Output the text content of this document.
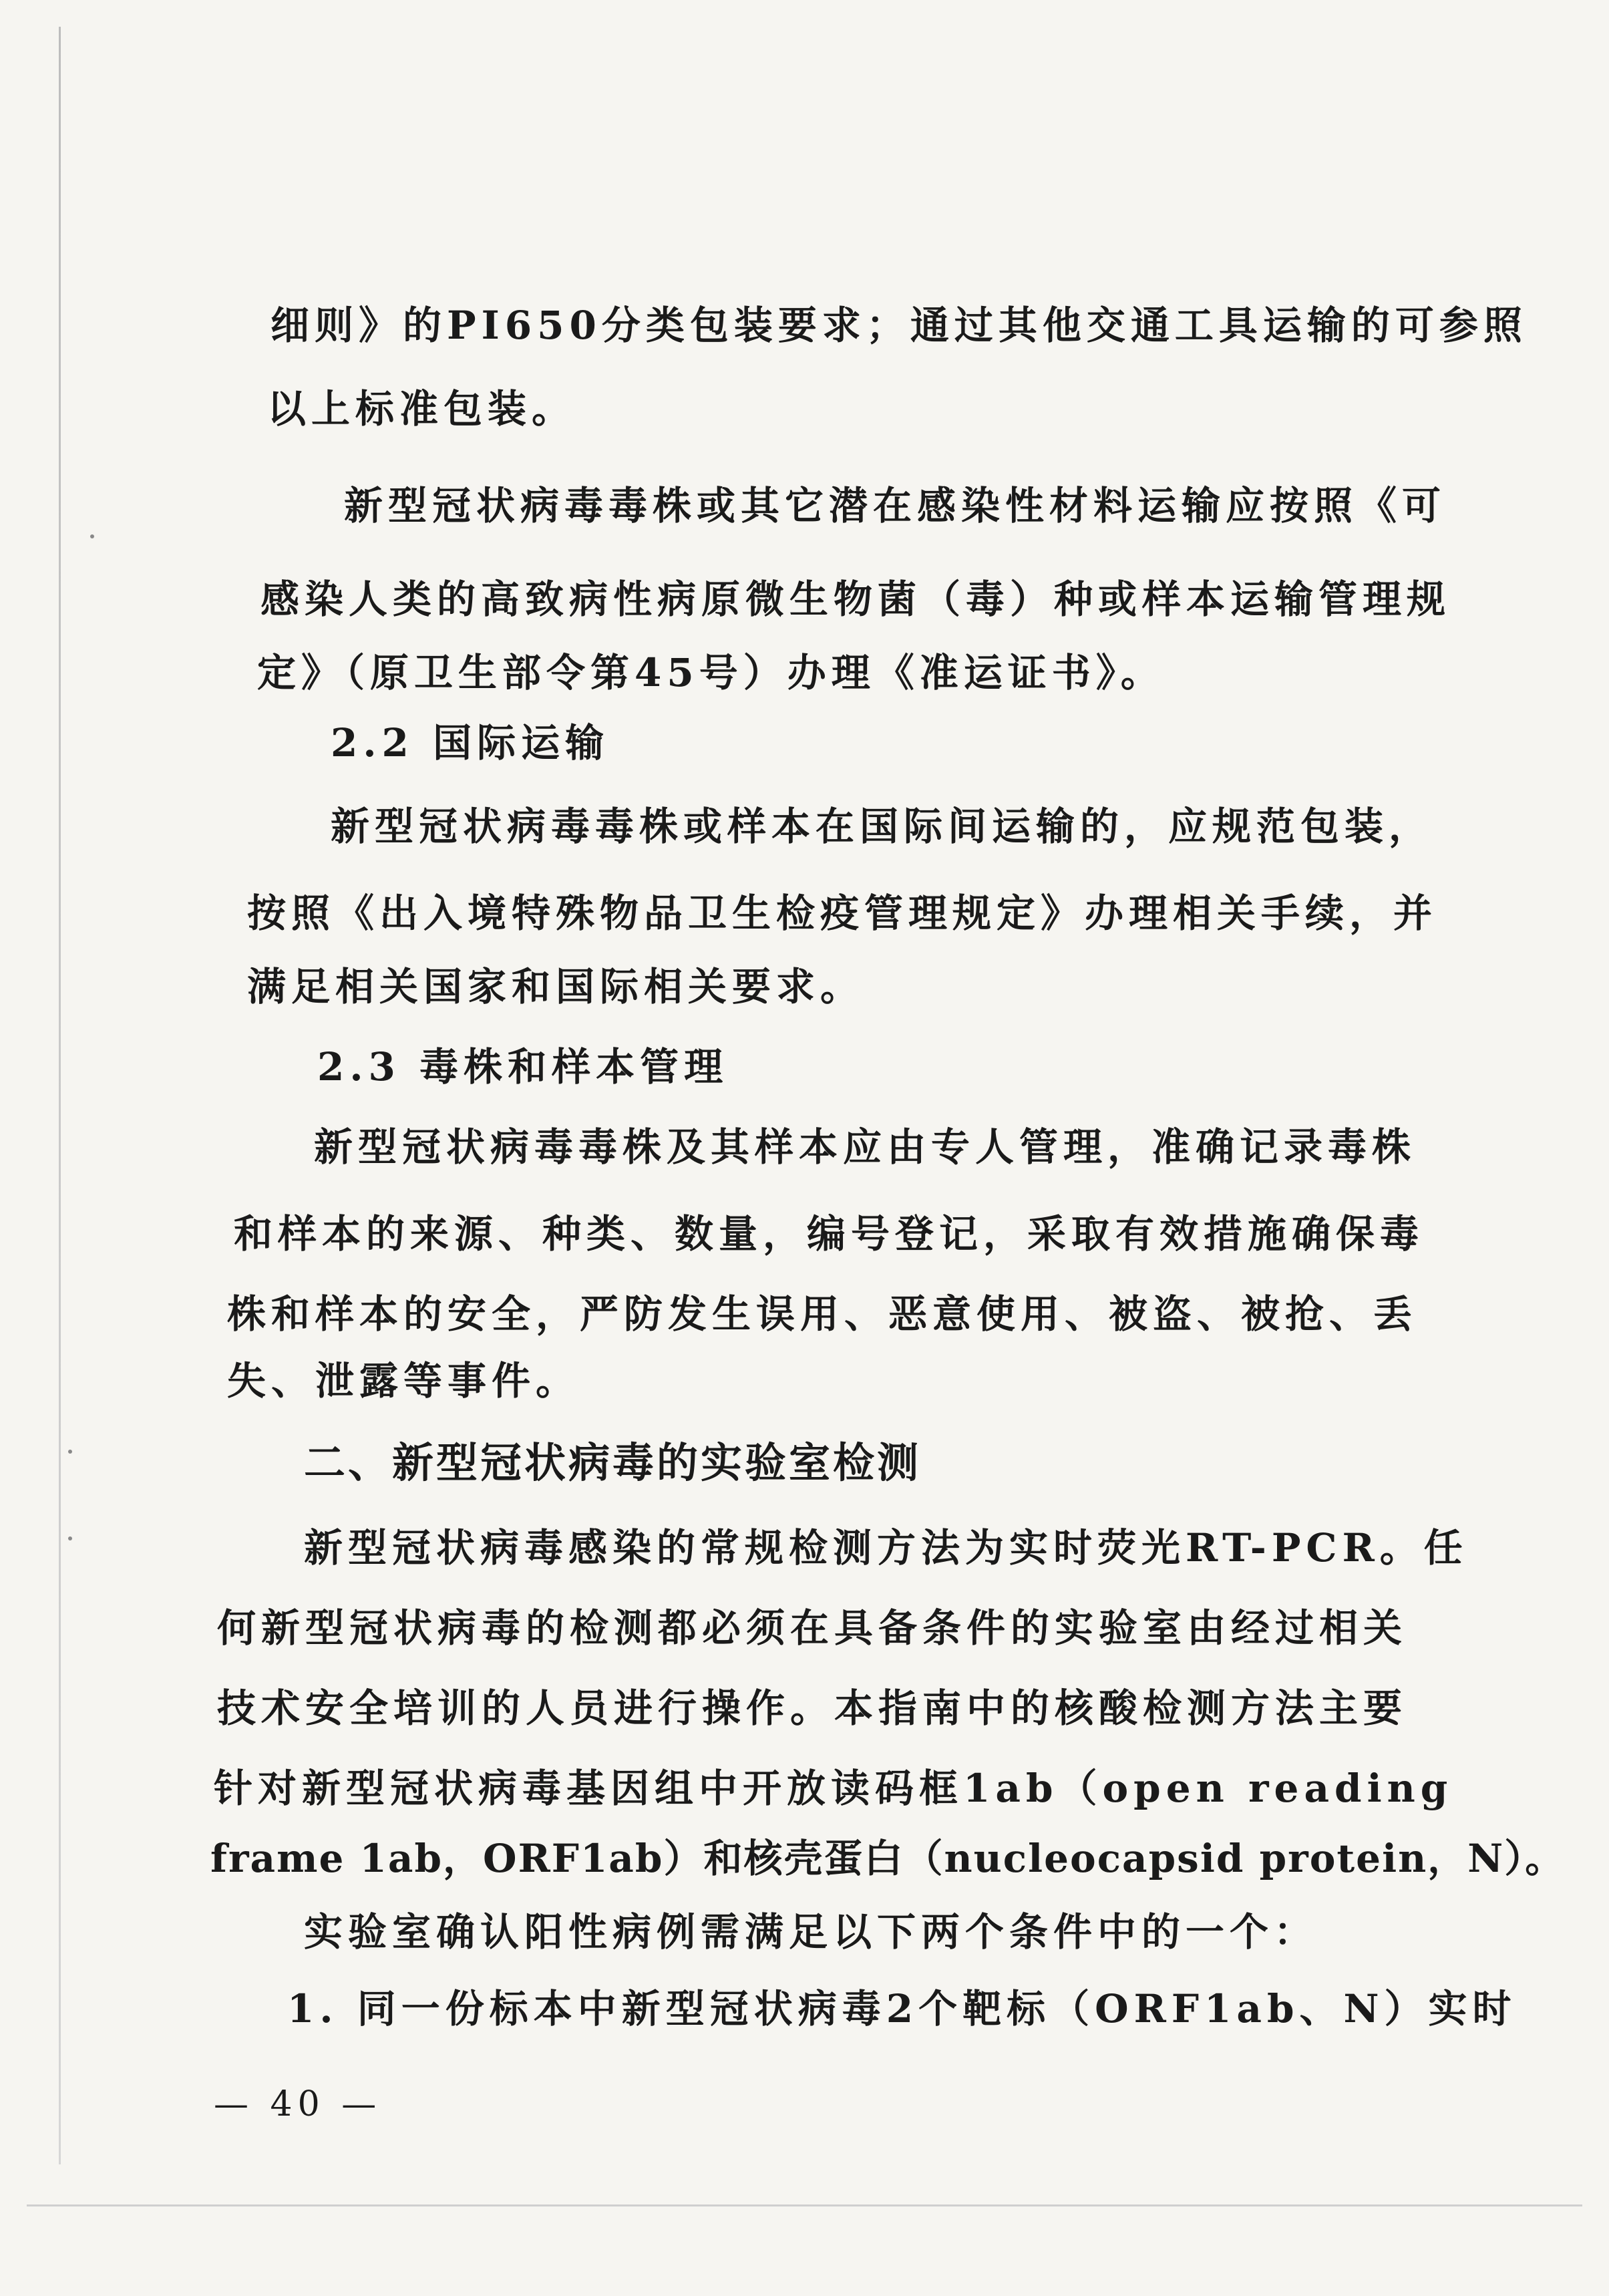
细则》的PI650分类包装要求；通过其他交通工具运输的可参照
以上标准包装。
新型冠状病毒毒株或其它潜在感染性材料运输应按照《可
感染人类的高致病性病原微生物菌（毒）种或样本运输管理规
定》（原卫生部令第45号）办理《准运证书》。
2.2 国际运输
新型冠状病毒毒株或样本在国际间运输的，应规范包装，
按照《出入境特殊物品卫生检疫管理规定》办理相关手续，并
满足相关国家和国际相关要求。
2.3 毒株和样本管理
新型冠状病毒毒株及其样本应由专人管理，准确记录毒株
和样本的来源、种类、数量，编号登记，采取有效措施确保毒
株和样本的安全，严防发生误用、恶意使用、被盗、被抢、丢
失、泄露等事件。
二、新型冠状病毒的实验室检测
新型冠状病毒感染的常规检测方法为实时荧光RT-PCR。任
何新型冠状病毒的检测都必须在具备条件的实验室由经过相关
技术安全培训的人员进行操作。本指南中的核酸检测方法主要
针对新型冠状病毒基因组中开放读码框1ab（open reading
frame 1ab，ORF1ab）和核壳蛋白（nucleocapsid protein，N）。
实验室确认阳性病例需满足以下两个条件中的一个：
1. 同一份标本中新型冠状病毒2个靶标（ORF1ab、N）实时
— 40 —
